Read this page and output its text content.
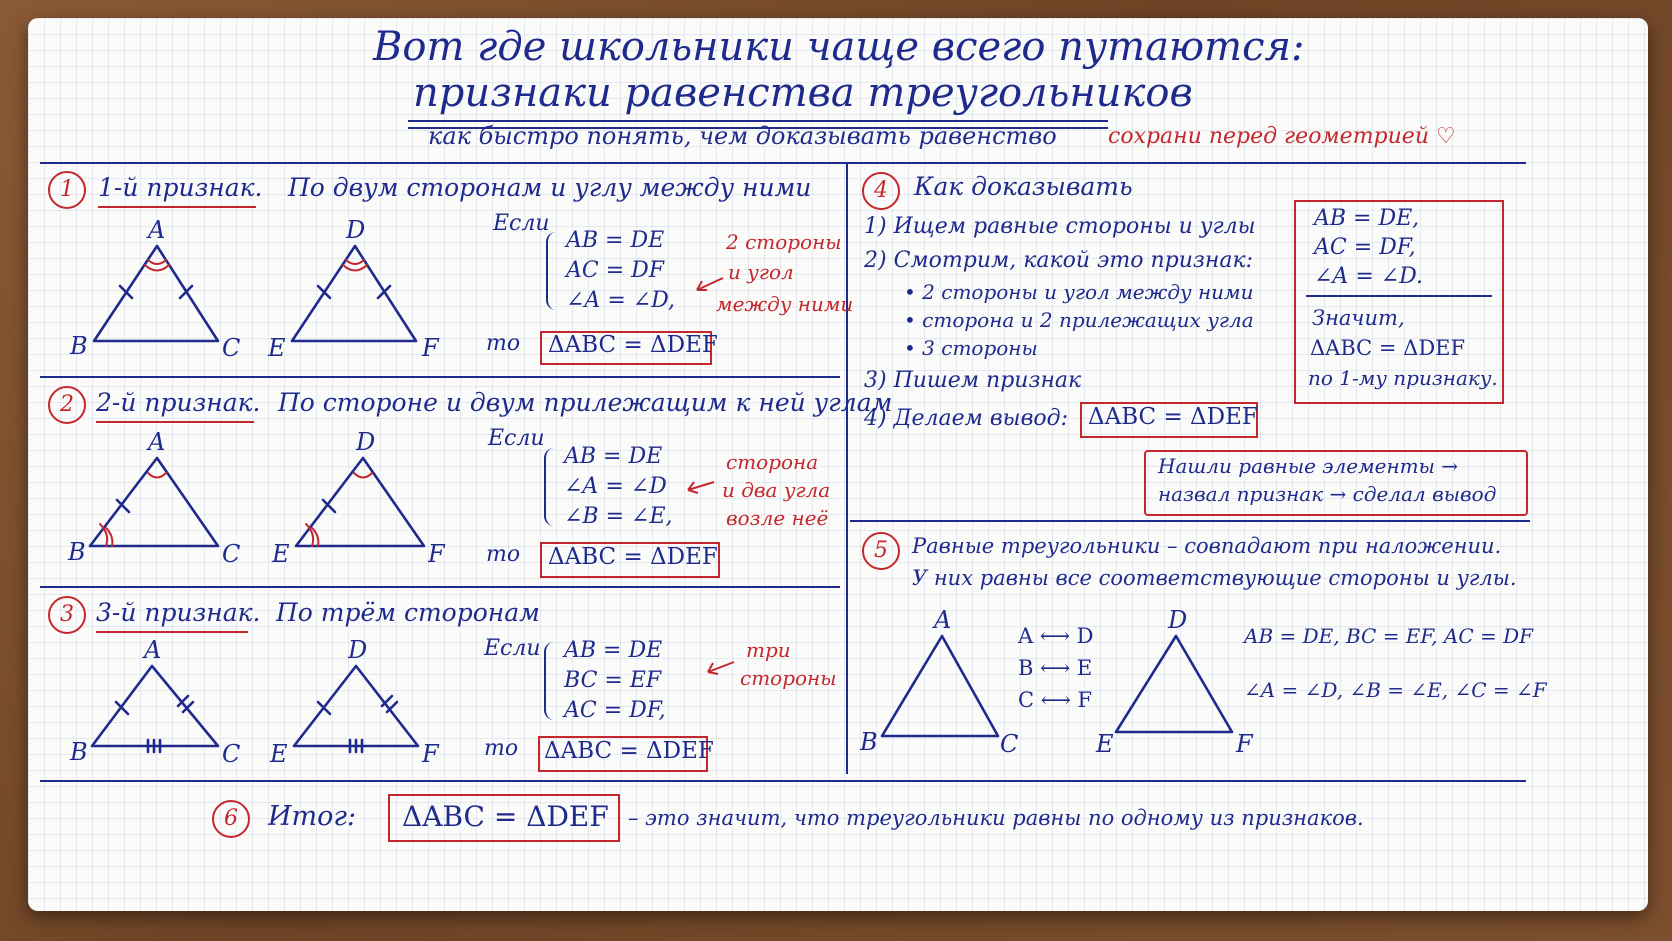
Вот где школьники чаще всего путаются:
признаки равенства треугольников
как быстро понять, чем доказывать равенство сохрани перед геометрией ♡
1 1-й признак. По двум сторонам и углу между ними
A
B	C
D
E	F
Если
AB = DE
AC = DF
∠A = ∠D,
2 стороны
и угол
между ними
то ΔABC = ΔDEF
2 2-й признак. По стороне и двум прилежащим к ней углам
A
B	C
D
E	F
Если
AB = DE
∠A = ∠D
∠B = ∠E,
сторона
и два угла
возле неё
то ΔABC = ΔDEF
3 3-й признак. По трём сторонам
A
B	C
D
E	F
Если AB = DE
BC = EF
AC = DF,
три
стороны
то ΔABC = ΔDEF
4	Как доказывать
1) Ищем равные стороны и углы
2) Смотрим, какой это признак:
• 2 стороны и угол между ними
• сторона и 2 прилежащих угла
• 3 стороны
3) Пишем признак
4) Делаем вывод: ΔABC = ΔDEF
AB = DE,
AC = DF,
∠A = ∠D.
Значит,
ΔABC = ΔDEF
по 1-му признаку.
Нашли равные элементы →
назвал признак → сделал вывод
5	Равные треугольники – совпадают при наложении.
У них равны все соответствующие стороны и углы.
A
B	C
A ⟷ D
B ⟷ E
C ⟷ F
D
E	F
AB = DE, BC = EF, AC = DF
∠A = ∠D, ∠B = ∠E, ∠C = ∠F
6	Итог: ΔABC = ΔDEF – это значит, что треугольники равны по одному из признаков.
